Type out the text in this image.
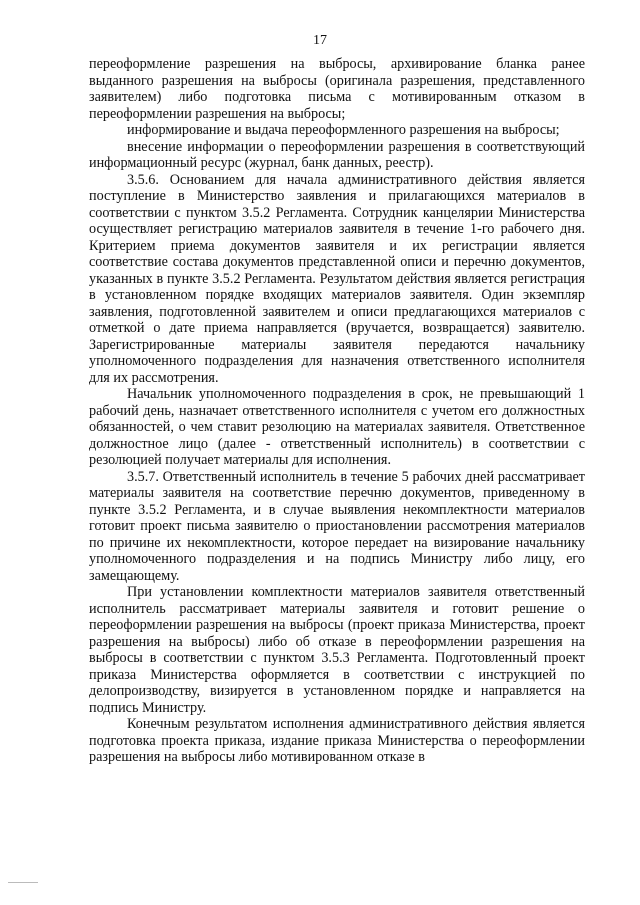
17

переоформление разрешения на выбросы, архивирование бланка ранее выданного разрешения на выбросы (оригинала разрешения, представленного заявителем) либо подготовка письма с мотивированным отказом в переоформлении разрешения на выбросы;

информирование и выдача переоформленного разрешения на выбросы;

внесение информации о переоформлении разрешения в соответствующий информационный ресурс (журнал, банк данных, реестр).

3.5.6. Основанием для начала административного действия является поступление в Министерство заявления и прилагающихся материалов в соответствии с пунктом 3.5.2 Регламента. Сотрудник канцелярии Министерства осуществляет регистрацию материалов заявителя в течение 1-го рабочего дня. Критерием приема документов заявителя и их регистрации является соответствие состава документов представленной описи и перечню документов, указанных в пункте 3.5.2 Регламента. Результатом действия является регистрация в установленном порядке входящих материалов заявителя. Один экземпляр заявления, подготовленной заявителем и описи предлагающихся материалов с отметкой о дате приема направляется (вручается, возвращается) заявителю. Зарегистрированные материалы заявителя передаются начальнику уполномоченного подразделения для назначения ответственного исполнителя для их рассмотрения.

Начальник уполномоченного подразделения в срок, не превышающий 1 рабочий день, назначает ответственного исполнителя с учетом его должностных обязанностей, о чем ставит резолюцию на материалах заявителя. Ответственное должностное лицо (далее - ответственный исполнитель) в соответствии с резолюцией получает материалы для исполнения.

3.5.7. Ответственный исполнитель в течение 5 рабочих дней рассматривает материалы заявителя на соответствие перечню документов, приведенному в пункте 3.5.2 Регламента, и в случае выявления некомплектности материалов готовит проект письма заявителю о приостановлении рассмотрения материалов по причине их некомплектности, которое передает на визирование начальнику уполномоченного подразделения и на подпись Министру либо лицу, его замещающему.

При установлении комплектности материалов заявителя ответственный исполнитель рассматривает материалы заявителя и готовит решение о переоформлении разрешения на выбросы (проект приказа Министерства, проект разрешения на выбросы) либо об отказе в переоформлении разрешения на выбросы в соответствии с пунктом 3.5.3 Регламента. Подготовленный проект приказа Министерства оформляется в соответствии с инструкцией по делопроизводству, визируется в установленном порядке и направляется на подпись Министру.

Конечным результатом исполнения административного действия является подготовка проекта приказа, издание приказа Министерства о переоформлении разрешения на выбросы либо мотивированном отказе в
